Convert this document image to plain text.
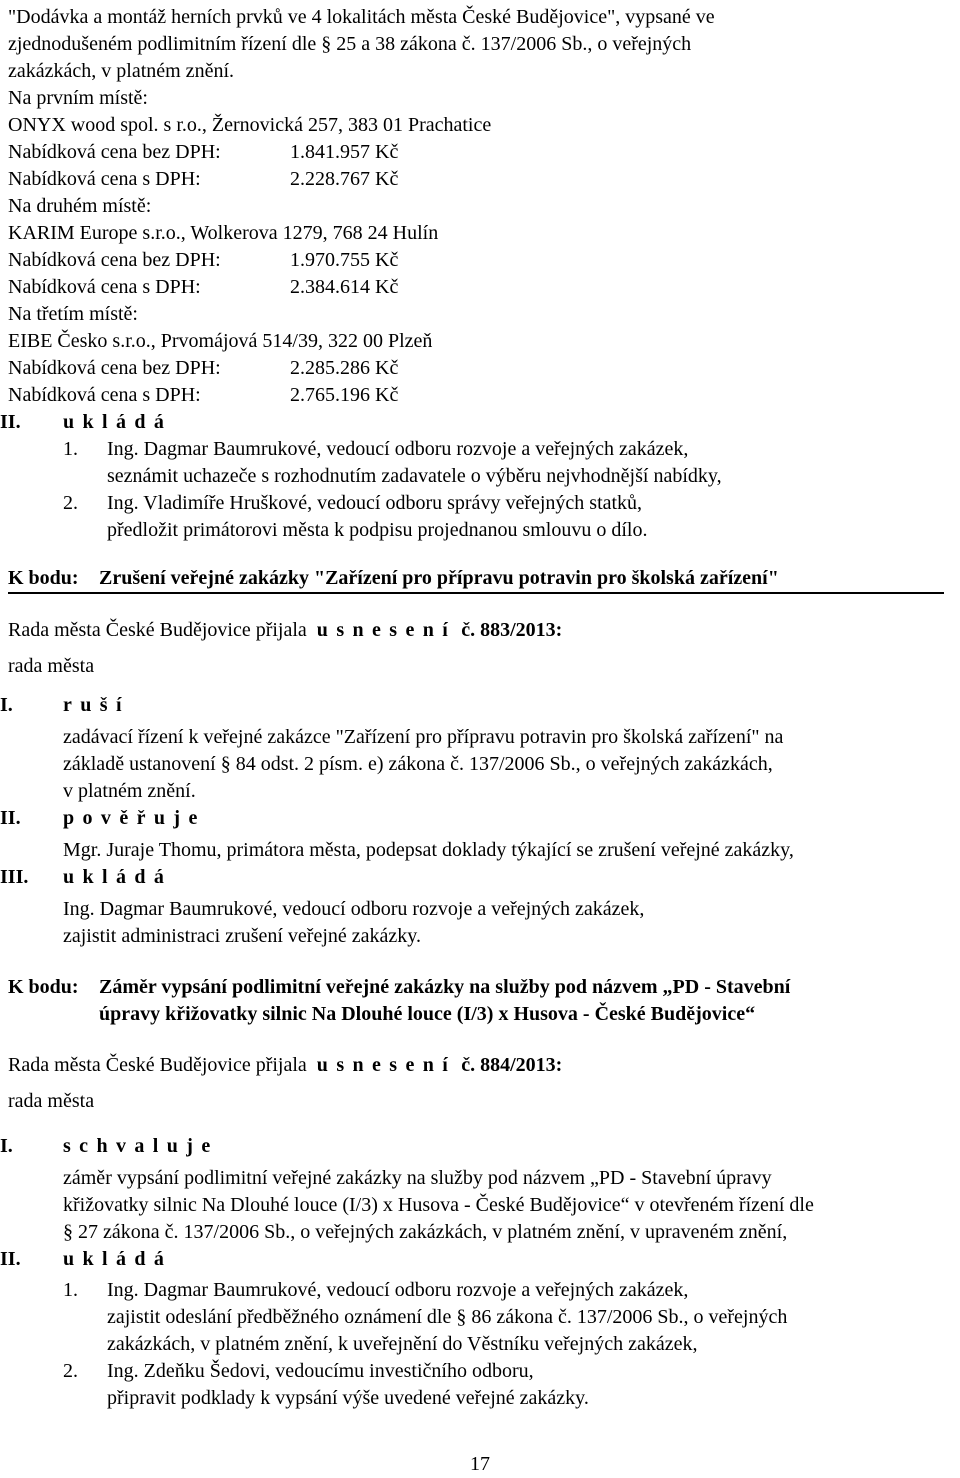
"Dodávka a montáž herních prvků ve 4 lokalitách města České Budějovice", vypsané ve
zjednodušeném podlimitním řízení dle § 25 a 38 zákona č. 137/2006 Sb., o veřejných
zakázkách, v platném znění.
Na prvním místě:
ONYX wood spol. s r.o., Žernovická 257, 383 01 Prachatice
Nabídková cena bez DPH:	1.841.957 Kč
Nabídková cena s DPH:	2.228.767 Kč
Na druhém místě:
KARIM Europe s.r.o., Wolkerova 1279, 768 24 Hulín
Nabídková cena bez DPH:	1.970.755 Kč
Nabídková cena s DPH:	2.384.614 Kč
Na třetím místě:
EIBE Česko s.r.o., Prvomájová 514/39, 322 00 Plzeň
Nabídková cena bez DPH:	2.285.286 Kč
Nabídková cena s DPH:	2.765.196 Kč
II. ukládá
1. Ing. Dagmar Baumrukové, vedoucí odboru rozvoje a veřejných zakázek,
seznámit uchazeče s rozhodnutím zadavatele o výběru nejvhodnější nabídky,
2. Ing. Vladimíře Hruškové, vedoucí odboru správy veřejných statků,
předložit primátorovi města k podpisu projednanou smlouvu o dílo.
K bodu: Zrušení veřejné zakázky "Zařízení pro přípravu potravin pro školská zařízení"
Rada města České Budějovice přijala usnesení č. 883/2013:
rada města
I.	ruší
zadávací řízení k veřejné zakázce "Zařízení pro přípravu potravin pro školská zařízení" na
základě ustanovení § 84 odst. 2 písm. e) zákona č. 137/2006 Sb., o veřejných zakázkách,
v platném znění.
II. pověřuje
Mgr. Juraje Thomu, primátora města, podepsat doklady týkající se zrušení veřejné zakázky,
III. ukládá
Ing. Dagmar Baumrukové, vedoucí odboru rozvoje a veřejných zakázek,
zajistit administraci zrušení veřejné zakázky.
K bodu: Záměr vypsání podlimitní veřejné zakázky na služby pod názvem „PD - Stavební
úpravy křižovatky silnic Na Dlouhé louce (I/3) x Husova - České Budějovice“
Rada města České Budějovice přijala usnesení č. 884/2013:
rada města
I.	schvaluje
záměr vypsání podlimitní veřejné zakázky na služby pod názvem „PD - Stavební úpravy
křižovatky silnic Na Dlouhé louce (I/3) x Husova - České Budějovice“ v otevřeném řízení dle
§ 27 zákona č. 137/2006 Sb., o veřejných zakázkách, v platném znění, v upraveném znění,
II. ukládá
1. Ing. Dagmar Baumrukové, vedoucí odboru rozvoje a veřejných zakázek,
zajistit odeslání předběžného oznámení dle § 86 zákona č. 137/2006 Sb., o veřejných
zakázkách, v platném znění, k uveřejnění do Věstníku veřejných zakázek,
2. Ing. Zdeňku Šedovi, vedoucímu investičního odboru,
připravit podklady k vypsání výše uvedené veřejné zakázky.
17
